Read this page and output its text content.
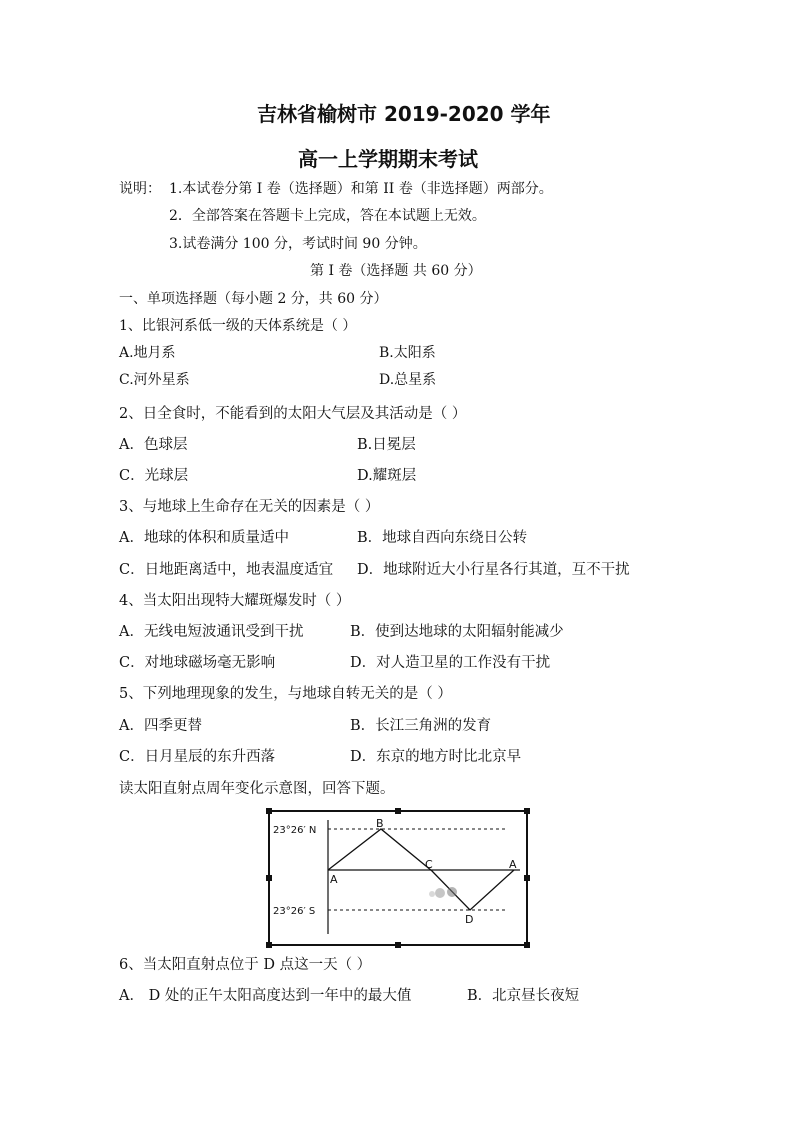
吉林省榆树市 2019-2020 学年
高一上学期期末考试
说明： 1.本试卷分第 I 卷（选择题）和第 II 卷（非选择题）两部分。
2．全部答案在答题卡上完成，答在本试题上无效。
3.试卷满分 100 分，考试时间 90 分钟。
第 I 卷（选择题 共 60 分）
一、单项选择题（每小题 2 分，共 60 分）
1、比银河系低一级的天体系统是（ ）
A.地月系	B.太阳系
C.河外星系	D.总星系
2、日全食时，不能看到的太阳大气层及其活动是（ ）
A．色球层	B.日冕层
C．光球层	D.耀斑层
3、与地球上生命存在无关的因素是（ ）
A．地球的体积和质量适中	B．地球自西向东绕日公转
C．日地距离适中，地表温度适宜 D．地球附近大小行星各行其道，互不干扰
4、当太阳出现特大耀斑爆发时（ ）
A．无线电短波通讯受到干扰	B．使到达地球的太阳辐射能减少
C．对地球磁场毫无影响	D．对人造卫星的工作没有干扰
5、下列地理现象的发生，与地球自转无关的是（ ）
A．四季更替	B．长江三角洲的发育
C．日月星辰的东升西落	D．东京的地方时比北京早
读太阳直射点周年变化示意图，回答下题。
23°26′ N
23°26′ S
A
B
C	A
D
6、当太阳直射点位于 D 点这一天（ ）
A． D 处的正午太阳高度达到一年中的最大值	B．北京昼长夜短
